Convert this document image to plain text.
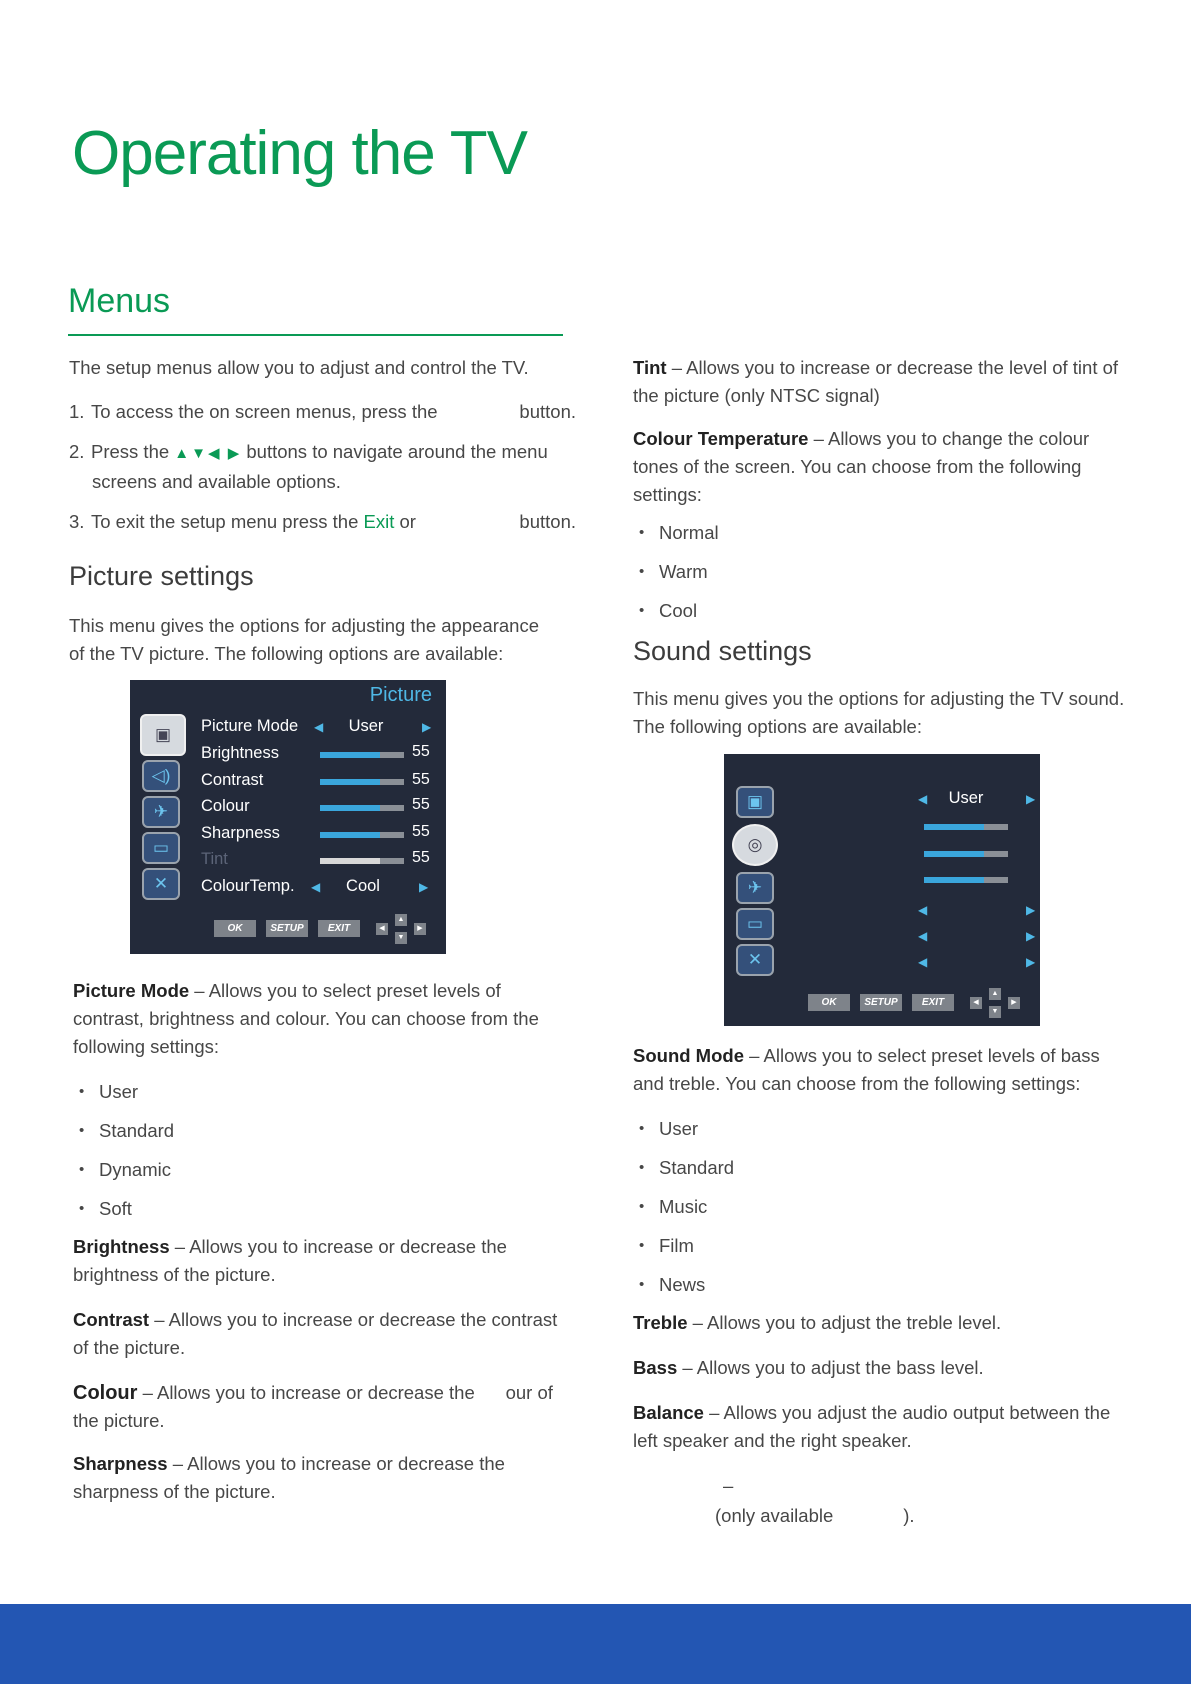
Operating the TV
Menus

The setup menus allow you to adjust and control the TV.

1. To access the on screen menus, press the	button.

2. Press the ▲▼◀ ▶ buttons to navigate around the menu
screens and available options.

3. To exit the setup menu press the Exit or	button.

Picture settings

This menu gives the options for adjusting the appearance of the TV picture. The following options are available:

Picture
▣
◁)
✈
▭
✕
Picture Mode ◀	User	▶
Brightness	55
Contrast	55
Colour	55
Sharpness	55
Tint	55
ColourTemp. ◀	Cool	▶
OK	SETUP	EXIT	◀
▲
▼
▶

Picture Mode – Allows you to select preset levels of contrast, brightness and colour. You can choose from the following settings:

• User

• Standard

• Dynamic

• Soft

Brightness – Allows you to increase or decrease the brightness of the picture.

Contrast – Allows you to increase or decrease the contrast of the picture.

Colour – Allows you to increase or decrease the      our of the picture.

Sharpness – Allows you to increase or decrease the sharpness of the picture.

Tint – Allows you to increase or decrease the level of tint of the picture (only NTSC signal)

Colour Temperature – Allows you to change the colour tones of the screen. You can choose from the following settings:

• Normal

• Warm

• Cool

Sound settings

This menu gives you the options for adjusting the TV sound. The following options are available:

▣
◎
✈
▭
✕
◀	User	▶
◀	▶
◀	▶
◀	▶
OK	SETUP	EXIT	◀
▲
▼
▶

Sound Mode – Allows you to select preset levels of bass and treble. You can choose from the following settings:

• User

• Standard

• Music

• Film

• News

Treble – Allows you to adjust the treble level.

Bass – Allows you to adjust the bass level.

Balance – Allows you adjust the audio output between the left speaker and the right speaker.

–

(only available	).
